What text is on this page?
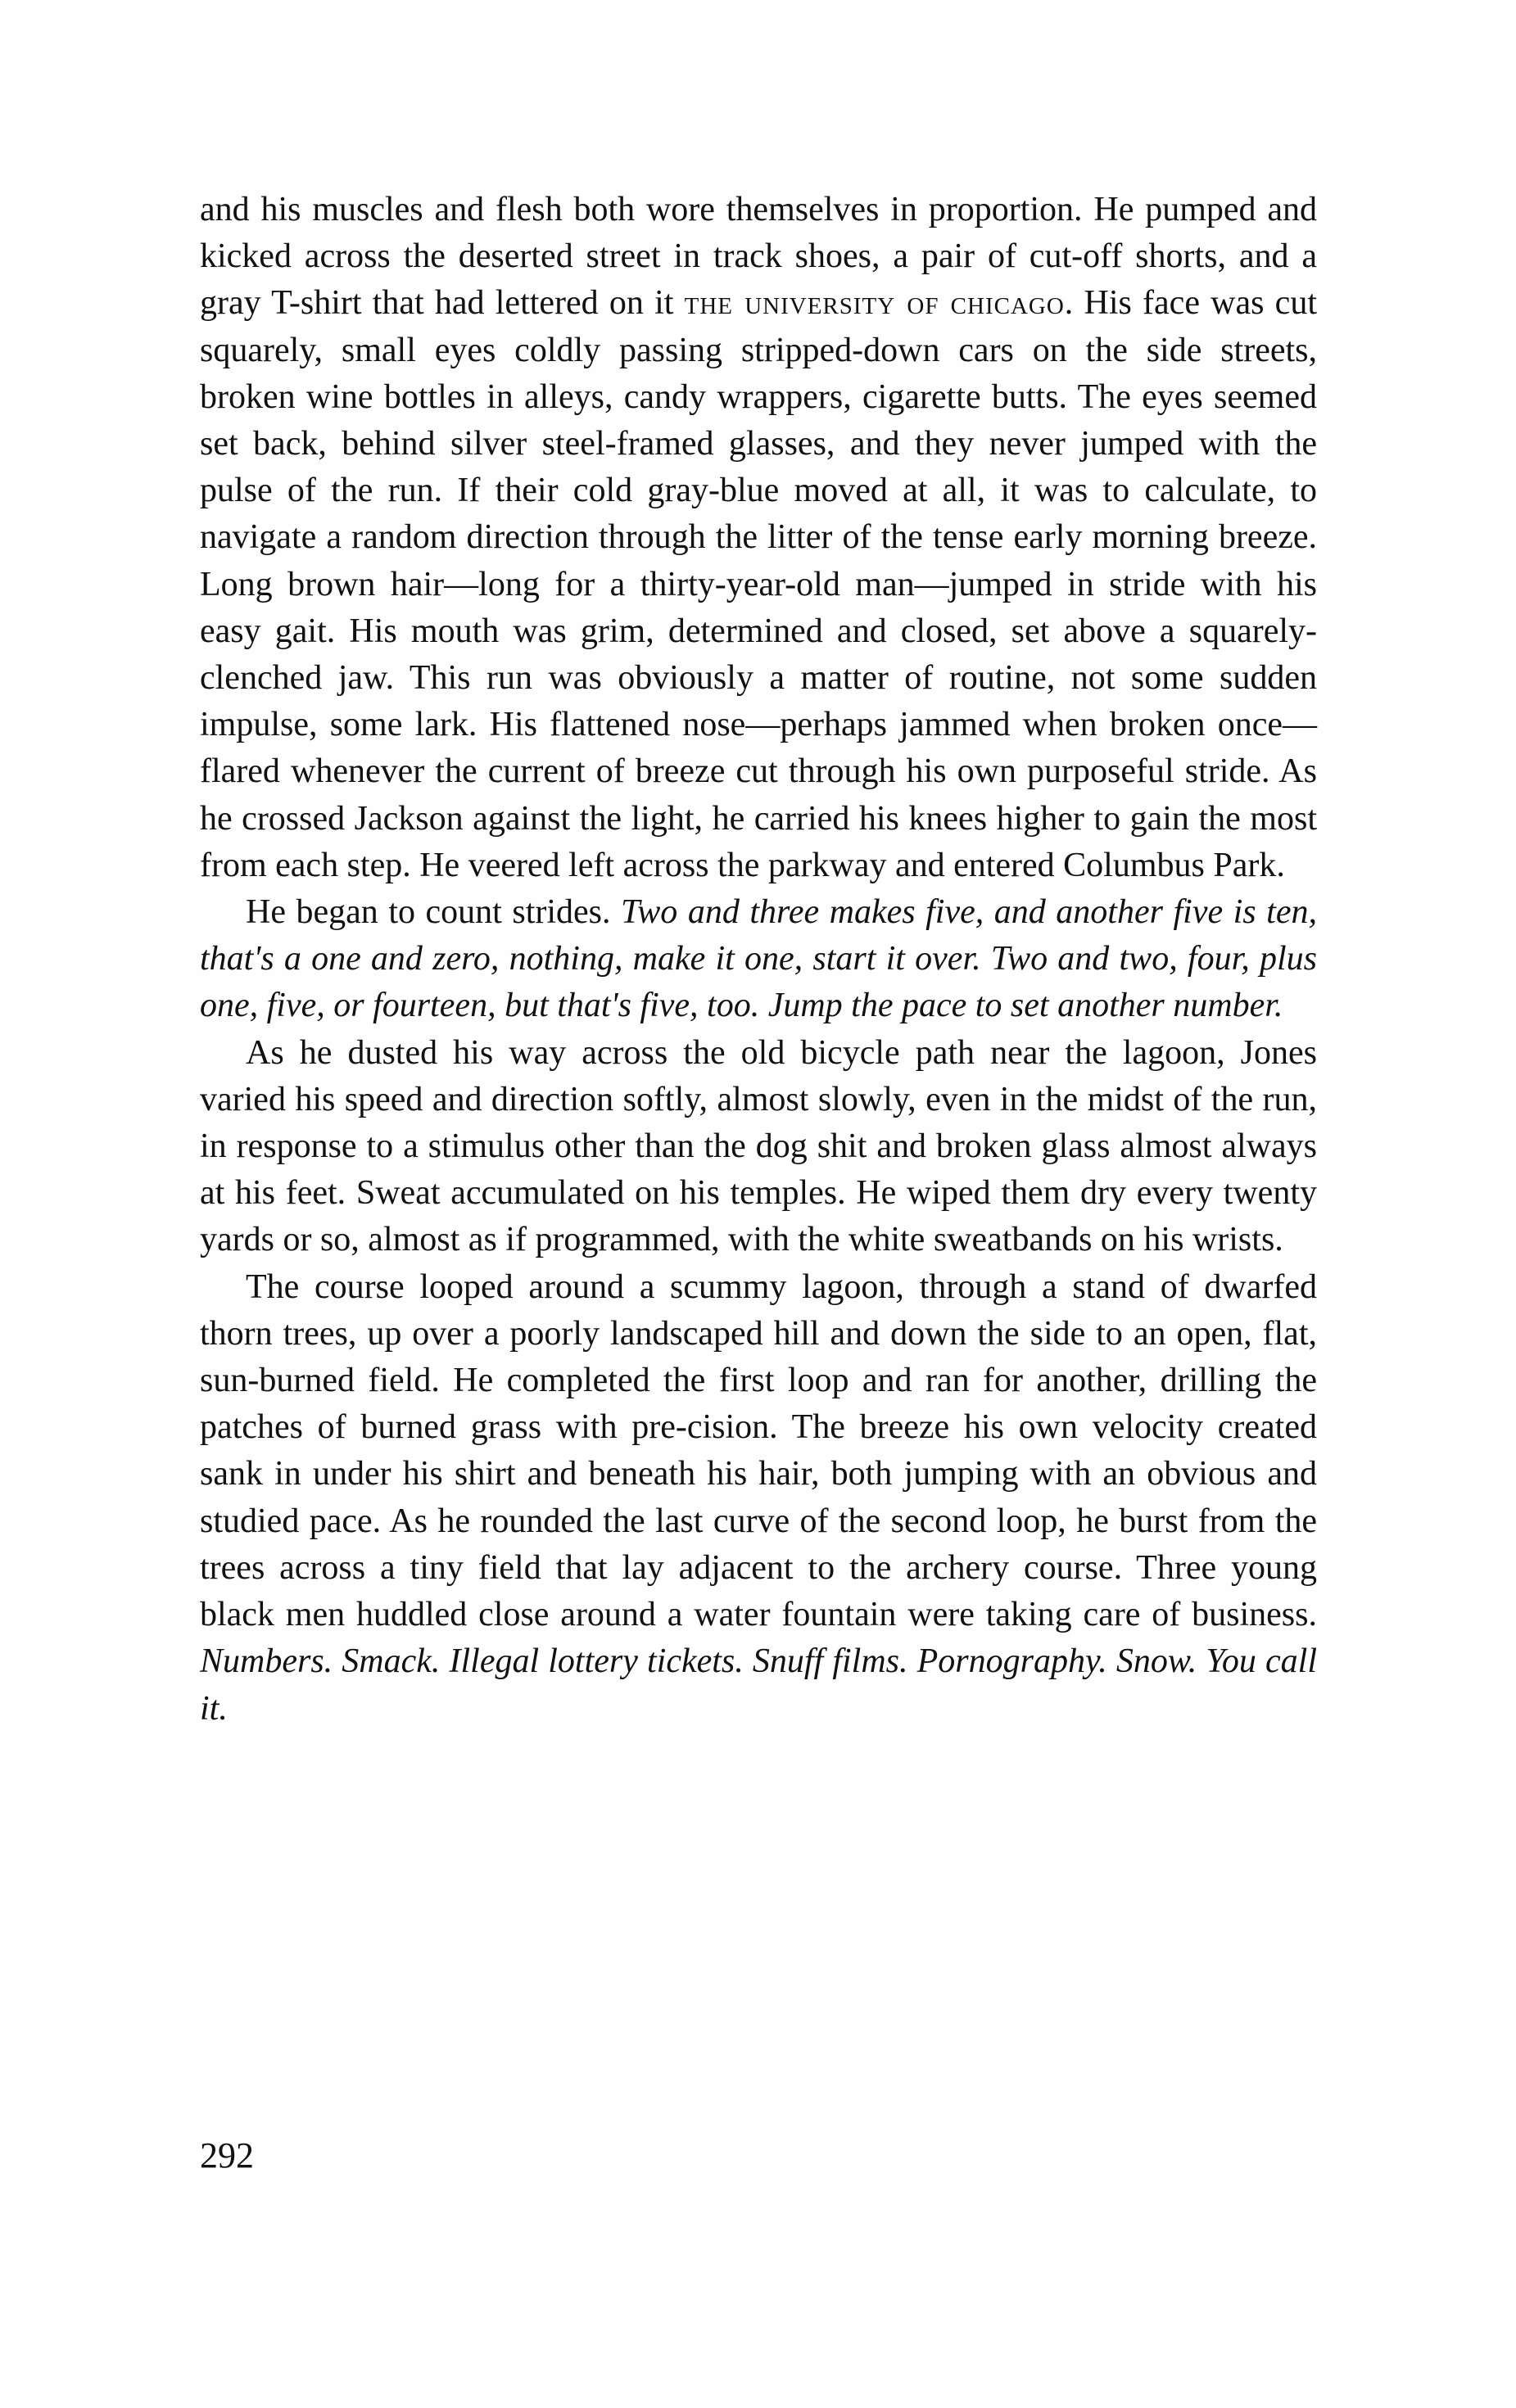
and his muscles and flesh both wore themselves in proportion. He pumped and kicked across the deserted street in track shoes, a pair of cut-off shorts, and a gray T-shirt that had lettered on it the university of chicago. His face was cut squarely, small eyes coldly passing stripped-down cars on the side streets, broken wine bottles in alleys, candy wrappers, cigarette butts. The eyes seemed set back, behind silver steel-framed glasses, and they never jumped with the pulse of the run. If their cold gray-blue moved at all, it was to calculate, to navigate a random direction through the litter of the tense early morning breeze. Long brown hair—long for a thirty-year-old man—jumped in stride with his easy gait. His mouth was grim, determined and closed, set above a squarely-clenched jaw. This run was obviously a matter of routine, not some sudden impulse, some lark. His flattened nose—perhaps jammed when broken once—flared whenever the current of breeze cut through his own purposeful stride. As he crossed Jackson against the light, he carried his knees higher to gain the most from each step. He veered left across the parkway and entered Columbus Park.

He began to count strides. Two and three makes five, and another five is ten, that's a one and zero, nothing, make it one, start it over. Two and two, four, plus one, five, or fourteen, but that's five, too. Jump the pace to set another number.

As he dusted his way across the old bicycle path near the lagoon, Jones varied his speed and direction softly, almost slowly, even in the midst of the run, in response to a stimulus other than the dog shit and broken glass almost always at his feet. Sweat accumulated on his temples. He wiped them dry every twenty yards or so, almost as if programmed, with the white sweatbands on his wrists.

The course looped around a scummy lagoon, through a stand of dwarfed thorn trees, up over a poorly landscaped hill and down the side to an open, flat, sun-burned field. He completed the first loop and ran for another, drilling the patches of burned grass with pre-cision. The breeze his own velocity created sank in under his shirt and beneath his hair, both jumping with an obvious and studied pace. As he rounded the last curve of the second loop, he burst from the trees across a tiny field that lay adjacent to the archery course. Three young black men huddled close around a water fountain were taking care of business. Numbers. Smack. Illegal lottery tickets. Snuff films. Pornography. Snow. You call it.

292
